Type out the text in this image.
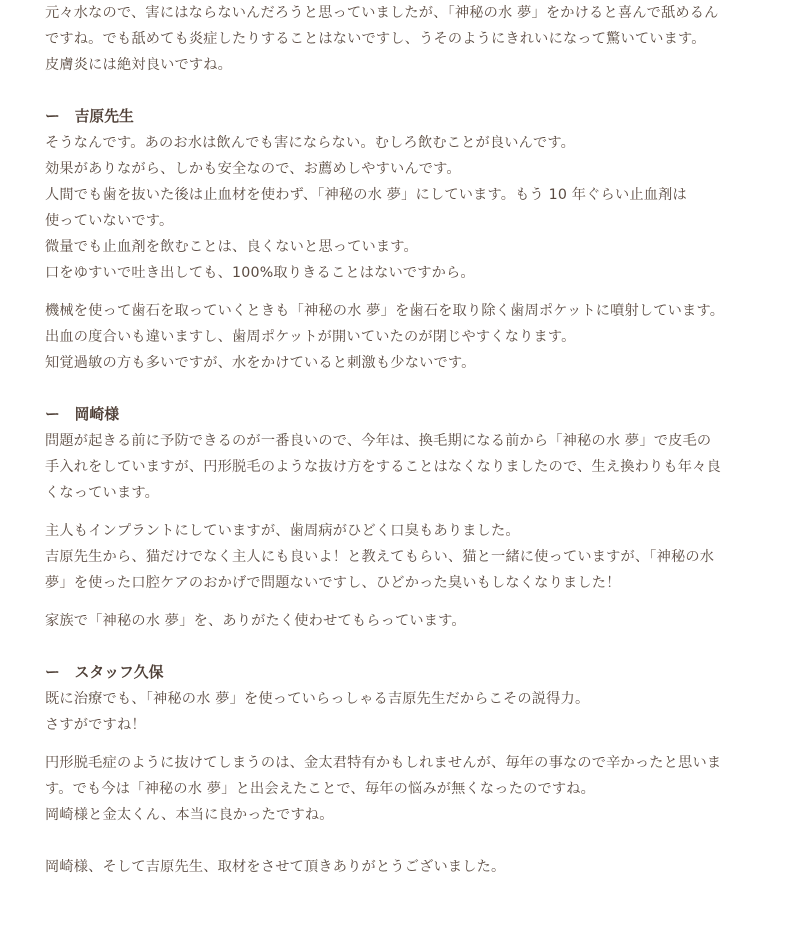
元々水なので、害にはならないんだろうと思っていましたが、「神秘の水 夢」をかけると喜んで舐めるん
ですね。でも舐めても炎症したりすることはないですし、うそのようにきれいになって驚いています。
皮膚炎には絶対良いですね。
ー　吉原先生
そうなんです。あのお水は飲んでも害にならない。むしろ飲むことが良いんです。
効果がありながら、しかも安全なので、お薦めしやすいんです。
人間でも歯を抜いた後は止血材を使わず、「神秘の水 夢」にしています。もう 10 年ぐらい止血剤は
使っていないです。
微量でも止血剤を飲むことは、良くないと思っています。
口をゆすいで吐き出しても、100%取りきることはないですから。
機械を使って歯石を取っていくときも「神秘の水 夢」を歯石を取り除く歯周ポケットに噴射しています。
出血の度合いも違いますし、歯周ポケットが開いていたのが閉じやすくなります。
知覚過敏の方も多いですが、水をかけていると刺激も少ないです。
ー　岡崎様
問題が起きる前に予防できるのが一番良いので、今年は、換毛期になる前から「神秘の水 夢」で皮毛の
手入れをしていますが、円形脱毛のような抜け方をすることはなくなりましたので、生え換わりも年々良
くなっています。
主人もインプラントにしていますが、歯周病がひどく口臭もありました。
吉原先生から、猫だけでなく主人にも良いよ！と教えてもらい、猫と一緒に使っていますが、「神秘の水
夢」を使った口腔ケアのおかげで問題ないですし、ひどかった臭いもしなくなりました！
家族で「神秘の水 夢」を、ありがたく使わせてもらっています。
ー　スタッフ久保
既に治療でも、「神秘の水 夢」を使っていらっしゃる吉原先生だからこその説得力。
さすがですね！
円形脱毛症のように抜けてしまうのは、金太君特有かもしれませんが、毎年の事なので辛かったと思いま
す。でも今は「神秘の水 夢」と出会えたことで、毎年の悩みが無くなったのですね。
岡崎様と金太くん、本当に良かったですね。
岡崎様、そして吉原先生、取材をさせて頂きありがとうございました。
